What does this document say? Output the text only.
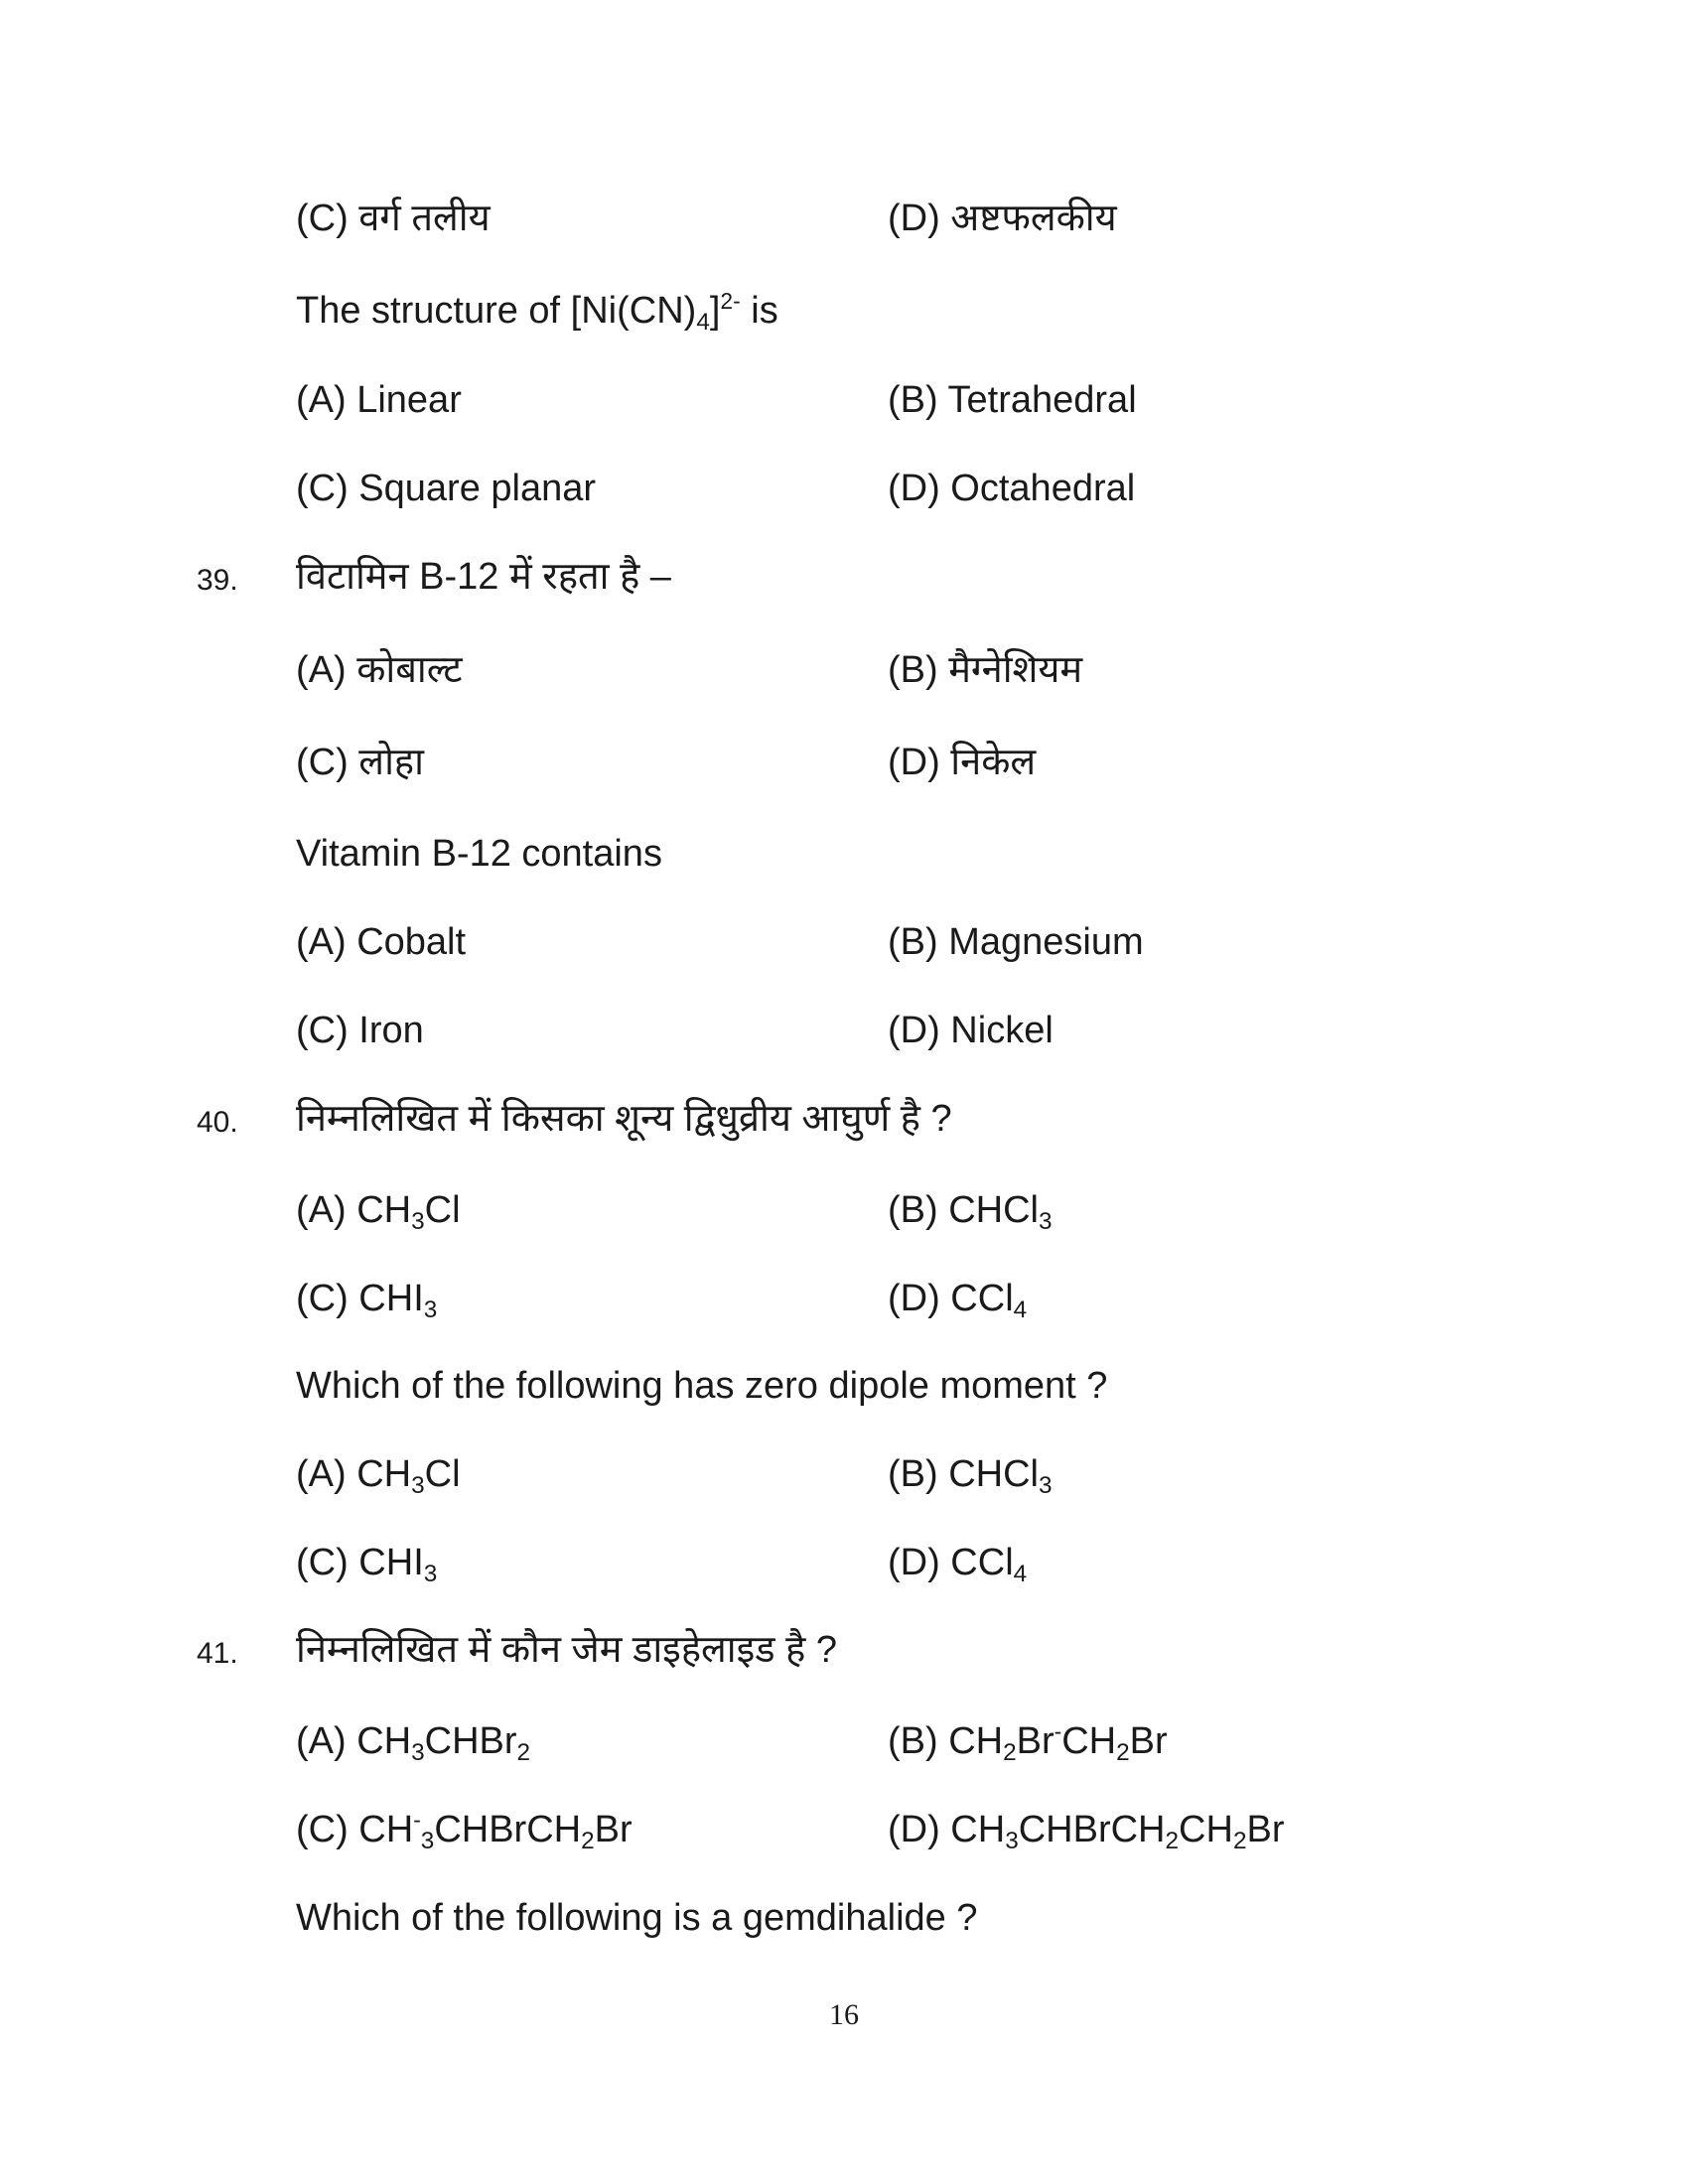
(C) वर्ग तलीय	(D) अष्टफलकीय
The structure of $[Ni(CN)_4]^{2-}$ is
(A) Linear	(B) Tetrahedral
(C) Square planar	(D) Octahedral
39. विटामिन B-12 में रहता है –
(A) कोबाल्ट	(B) मैग्नेशियम
(C) लोहा	(D) निकेल
Vitamin B-12 contains
(A) Cobalt	(B) Magnesium
(C) Iron	(D) Nickel
40. निम्नलिखित में किसका शून्य द्विधुव्रीय आघुर्ण है ?
(A) $CH_3Cl$	(B) CHCl$_3$
(C) $CHI_3$	(D) CCl$_4$
Which of the following has zero dipole moment ?
(A) $CH_3Cl$	(B) CHCl$_3$
(C) $CHI_3$	(D) CCl$_4$
41. निम्नलिखित में कौन जेम डाइहेलाइड है ?
(A) $CH_3CHBr_2$	(B) $CH_2Br^-CH_2Br$
(C) $CH^-_3CHBrCH_2Br$	(D) $CH_3CHBrCH_2CH_2Br$
Which of the following is a gemdihalide ?
16
